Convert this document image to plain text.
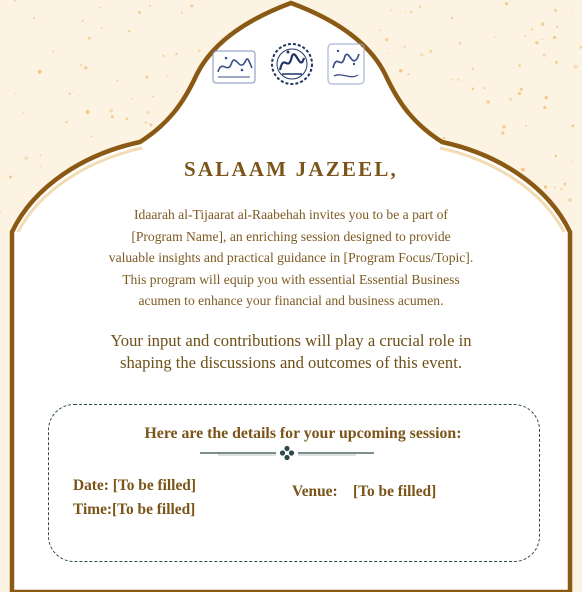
SALAAM JAZEEL,
Idaarah al-Tijaarat al-Raabehah invites you to be a part of
[Program Name], an enriching session designed to provide
valuable insights and practical guidance in [Program Focus/Topic].
This program will equip you with essential Essential Business
acumen to enhance your financial and business acumen.
Your input and contributions will play a crucial role in
shaping the discussions and outcomes of this event.
Here are the details for your upcoming session:
Date: [To be filled]
Time:[To be filled]
Venue:    [To be filled]
